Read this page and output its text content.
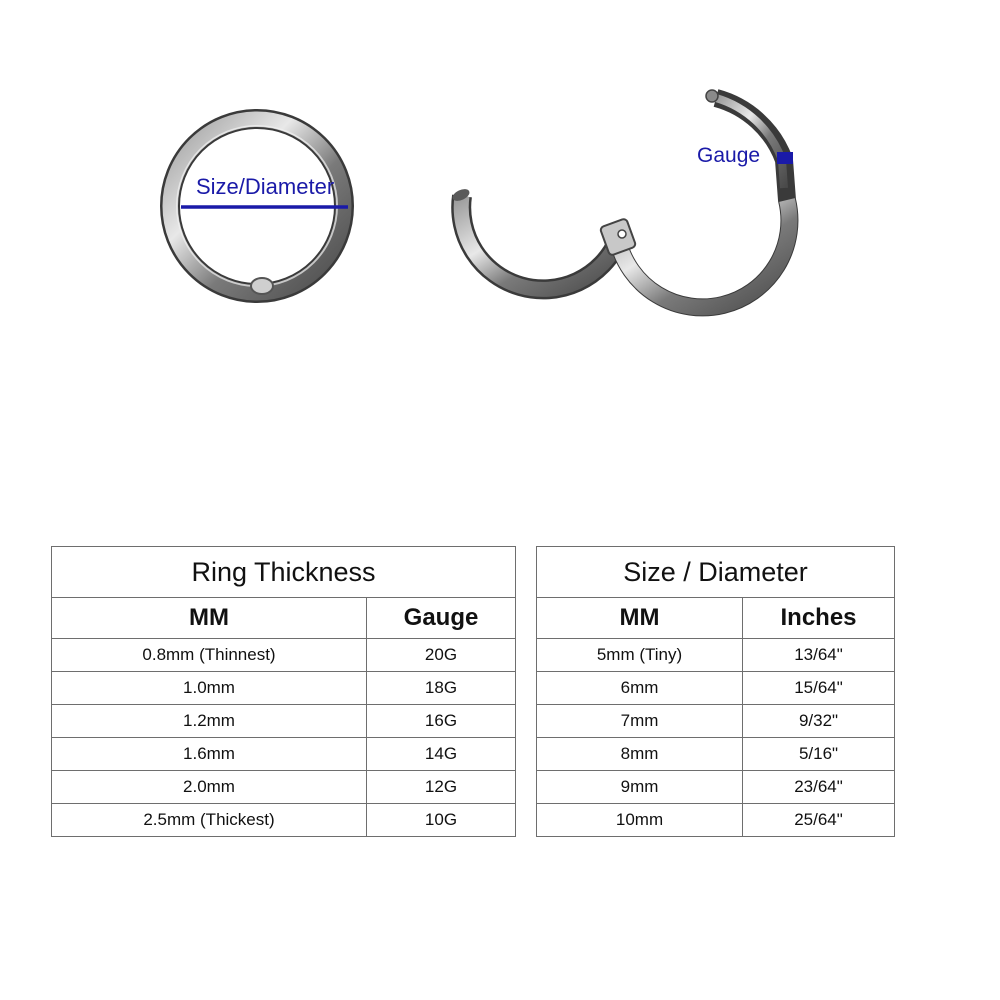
Size/Diameter
Gauge
Ring Thickness	
MM	Gauge
0.8mm (Thinnest)	20G
1.0mm	18G
1.2mm	16G
1.6mm	14G
2.0mm	12G
2.5mm (Thickest)	10G
Size / Diameter	
MM	Inches
5mm (Tiny)	13/64"
6mm	15/64"
7mm	9/32"
8mm	5/16"
9mm	23/64"
10mm	25/64"
